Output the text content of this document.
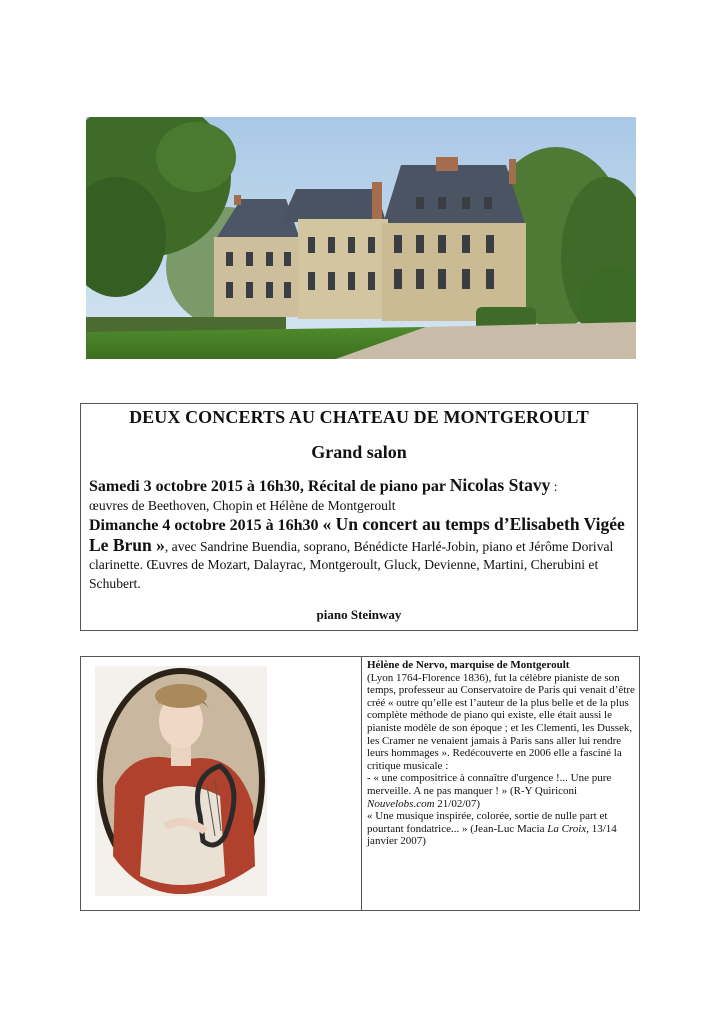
DEUX CONCERTS AU CHATEAU DE MONTGEROULT
Grand salon
Samedi 3 octobre 2015 à 16h30, Récital de piano par Nicolas Stavy :
œuvres de Beethoven, Chopin et Hélène de Montgeroult
Dimanche 4 octobre 2015 à 16h30 « Un concert au temps d’Elisabeth Vigée Le Brun », avec Sandrine Buendia, soprano, Bénédicte Harlé-Jobin, piano et Jérôme Dorival clarinette. Œuvres de Mozart, Dalayrac, Montgeroult, Gluck, Devienne, Martini, Cherubini et Schubert.
piano Steinway
Hélène de Nervo, marquise de Montgeroult
(Lyon 1764-Florence 1836), fut la célèbre pianiste de son temps, professeur au Conservatoire de Paris qui venait d’être créé « outre qu’elle est l’auteur de la plus belle et de la plus complète méthode de piano qui existe, elle était aussi le pianiste modèle de son époque ; et les Clementi, les Dussek, les Cramer ne venaient jamais à Paris sans aller lui rendre leurs hommages ». Redécouverte en 2006 elle a fasciné la critique musicale :
- « une compositrice à connaître d'urgence !... Une pure merveille. A ne pas manquer ! » (R-Y Quiriconi Nouvelobs.com 21/02/07)
« Une musique inspirée, colorée, sortie de nulle part et pourtant fondatrice... » (Jean-Luc Macia La Croix, 13/14 janvier 2007)
